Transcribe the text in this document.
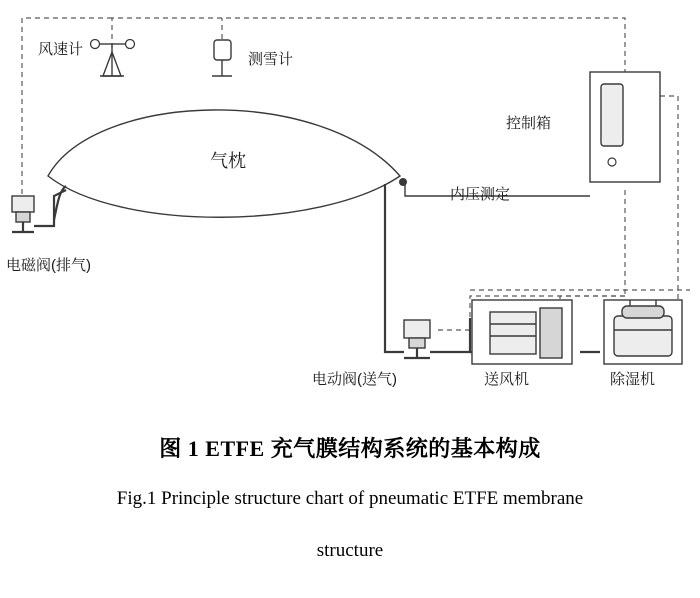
风速计
测雪计
气枕
控制箱
内压测定
电磁阀(排气)
电动阀(送气)	送风机	除湿机
图 1 ETFE 充气膜结构系统的基本构成
Fig.1 Principle structure chart of pneumatic ETFE membrane
structure
